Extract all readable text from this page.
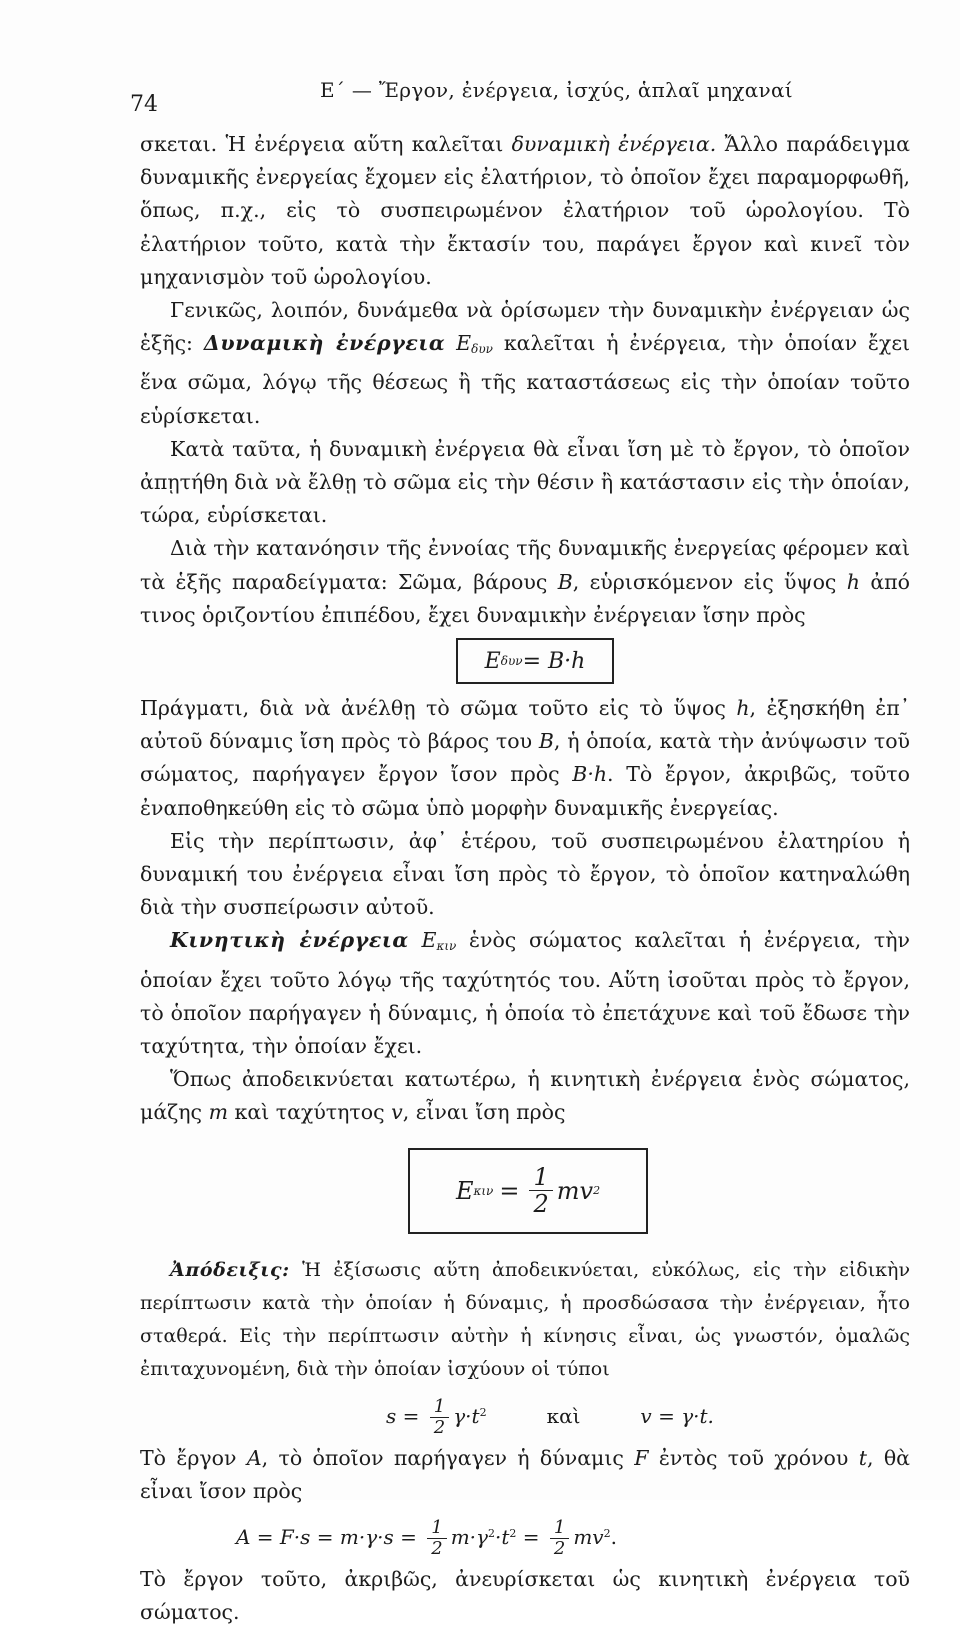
74
Ε΄ — Ἔργον, ἐνέργεια, ἰσχύς, ἁπλαῖ μηχαναί

σκεται. Ἡ ἐνέργεια αὕτη καλεῖται δυναμικὴ ἐνέργεια. Ἄλλο παράδειγμα δυναμικῆς ἐνεργείας ἔχομεν εἰς ἐλατήριον, τὸ ὁποῖον ἔχει παραμορφωθῆ, ὅπως, π.χ., εἰς τὸ συσπειρωμένον ἐλατήριον τοῦ ὡρολογίου. Τὸ ἐλατήριον τοῦτο, κατὰ τὴν ἔκτασίν του, παράγει ἔργον καὶ κινεῖ τὸν μηχανισμὸν τοῦ ὡρολογίου.

Γενικῶς, λοιπόν, δυνάμεθα νὰ ὁρίσωμεν τὴν δυναμικὴν ἐνέργειαν ὡς ἑξῆς: Δυναμικὴ ἐνέργεια $E_{\delta\upsilon\nu}$ καλεῖται ἡ ἐνέργεια, τὴν ὁποίαν ἔχει ἕνα σῶμα, λόγῳ τῆς θέσεως ἢ τῆς καταστάσεως εἰς τὴν ὁποίαν τοῦτο εὑρίσκεται.

Κατὰ ταῦτα, ἡ δυναμικὴ ἐνέργεια θὰ εἶναι ἴση μὲ τὸ ἔργον, τὸ ὁποῖον ἀπῃτήθη διὰ νὰ ἔλθῃ τὸ σῶμα εἰς τὴν θέσιν ἢ κατάστασιν εἰς τὴν ὁποίαν, τώρα, εὑρίσκεται.

Διὰ τὴν κατανόησιν τῆς ἐννοίας τῆς δυναμικῆς ἐνεργείας φέρομεν καὶ τὰ ἑξῆς παραδείγματα: Σῶμα, βάρους B, εὑρισκόμενον εἰς ὕψος h ἀπό τινος ὁριζοντίου ἐπιπέδου, ἔχει δυναμικὴν ἐνέργειαν ἴσην πρὸς

E δυν = B·h

Πράγματι, διὰ νὰ ἀνέλθῃ τὸ σῶμα τοῦτο εἰς τὸ ὕψος h, ἐξησκήθη ἐπ᾿ αὐτοῦ δύναμις ἴση πρὸς τὸ βάρος του B, ἡ ὁποία, κατὰ τὴν ἀνύψωσιν τοῦ σώματος, παρήγαγεν ἔργον ἴσον πρὸς B·h. Τὸ ἔργον, ἀκριβῶς, τοῦτο ἐναποθηκεύθη εἰς τὸ σῶμα ὑπὸ μορφὴν δυναμικῆς ἐνεργείας.

Εἰς τὴν περίπτωσιν, ἀφ᾿ ἑτέρου, τοῦ συσπειρωμένου ἐλατηρίου ἡ δυναμική του ἐνέργεια εἶναι ἴση πρὸς τὸ ἔργον, τὸ ὁποῖον κατηναλώθη διὰ τὴν συσπείρωσιν αὐτοῦ.

Κινητικὴ ἐνέργεια $E_{\kappa\iota\nu}$ ἑνὸς σώματος καλεῖται ἡ ἐνέργεια, τὴν ὁποίαν ἔχει τοῦτο λόγῳ τῆς ταχύτητός του. Αὕτη ἰσοῦται πρὸς τὸ ἔργον, τὸ ὁποῖον παρήγαγεν ἡ δύναμις, ἡ ὁποία τὸ ἐπετάχυνε καὶ τοῦ ἔδωσε τὴν ταχύτητα, τὴν ὁποίαν ἔχει.

Ὅπως ἀποδεικνύεται κατωτέρω, ἡ κινητικὴ ἐνέργεια ἑνὸς σώματος, μάζης m καὶ ταχύτητος v, εἶναι ἴση πρὸς

E $\kappa\iota\nu = \frac{1}{2}$ mv 2

Ἀπόδειξις: Ἡ ἐξίσωσις αὕτη ἀποδεικνύεται, εὐκόλως, εἰς τὴν εἰδικὴν περίπτωσιν κατὰ τὴν ὁποίαν ἡ δύναμις, ἡ προσδώσασα τὴν ἐνέργειαν, ἦτο σταθερά. Εἰς τὴν περίπτωσιν αὐτὴν ἡ κίνησις εἶναι, ὡς γνωστόν, ὁμαλῶς ἐπιταχυνομένη, διὰ τὴν ὁποίαν ἰσχύουν οἱ τύποι

$s = \frac{1}{2} \gamma\cdot t^2$	καὶ	v = γ·t.

Τὸ ἔργον A, τὸ ὁποῖον παρήγαγεν ἡ δύναμις F ἐντὸς τοῦ χρόνου t, θὰ εἶναι ἴσον πρὸς

$A = F\cdot s = m\cdot\gamma\cdot s = \frac{1}{2} m\cdot\gamma^2\cdot t^2 = \frac{1}{2} mv^2$.

Τὸ ἔργον τοῦτο, ἀκριβῶς, ἀνευρίσκεται ὡς κινητικὴ ἐνέργεια τοῦ σώματος.
